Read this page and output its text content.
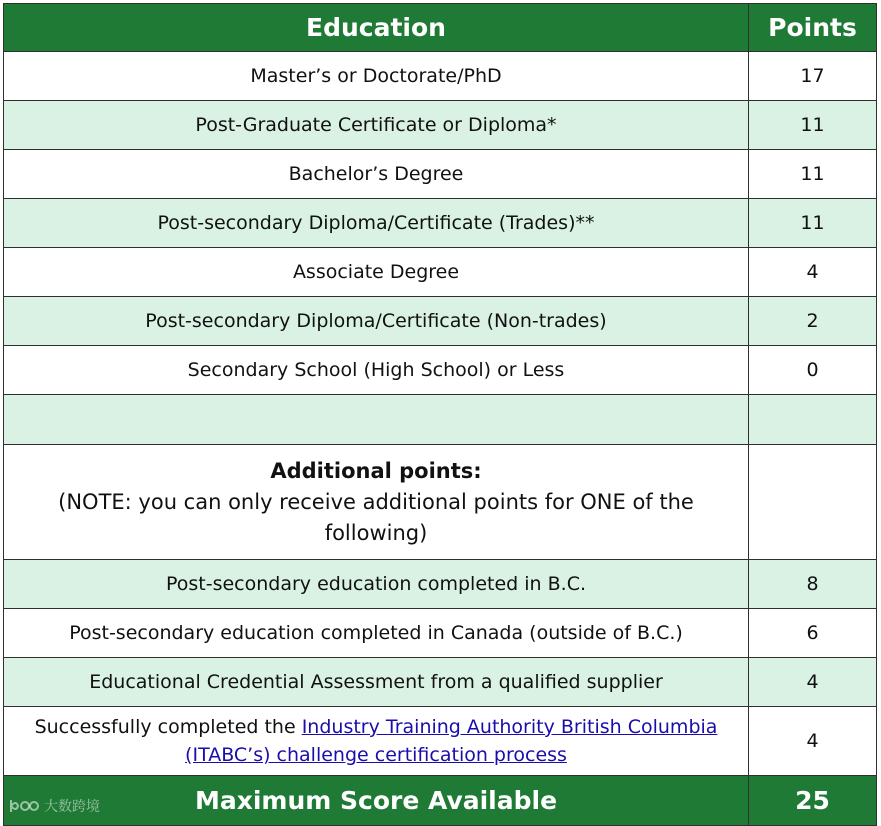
Education	Points
Master’s or Doctorate/PhD	17
Post-Graduate Certificate or Diploma*	11
Bachelor’s Degree	11
Post-secondary Diploma/Certificate (Trades)**	11
Associate Degree	4
Post-secondary Diploma/Certificate (Non-trades)	2
Secondary School (High School) or Less	0

Additional points:
(NOTE: you can only receive additional points for ONE of the following)	

Post-secondary education completed in B.C.	8
Post-secondary education completed in Canada (outside of B.C.)	6
Educational Credential Assessment from a qualified supplier	4
Successfully completed the Industry Training Authority British Columbia (ITABC’s) challenge certification process	4
Maximum Score Available	25
大数跨境
